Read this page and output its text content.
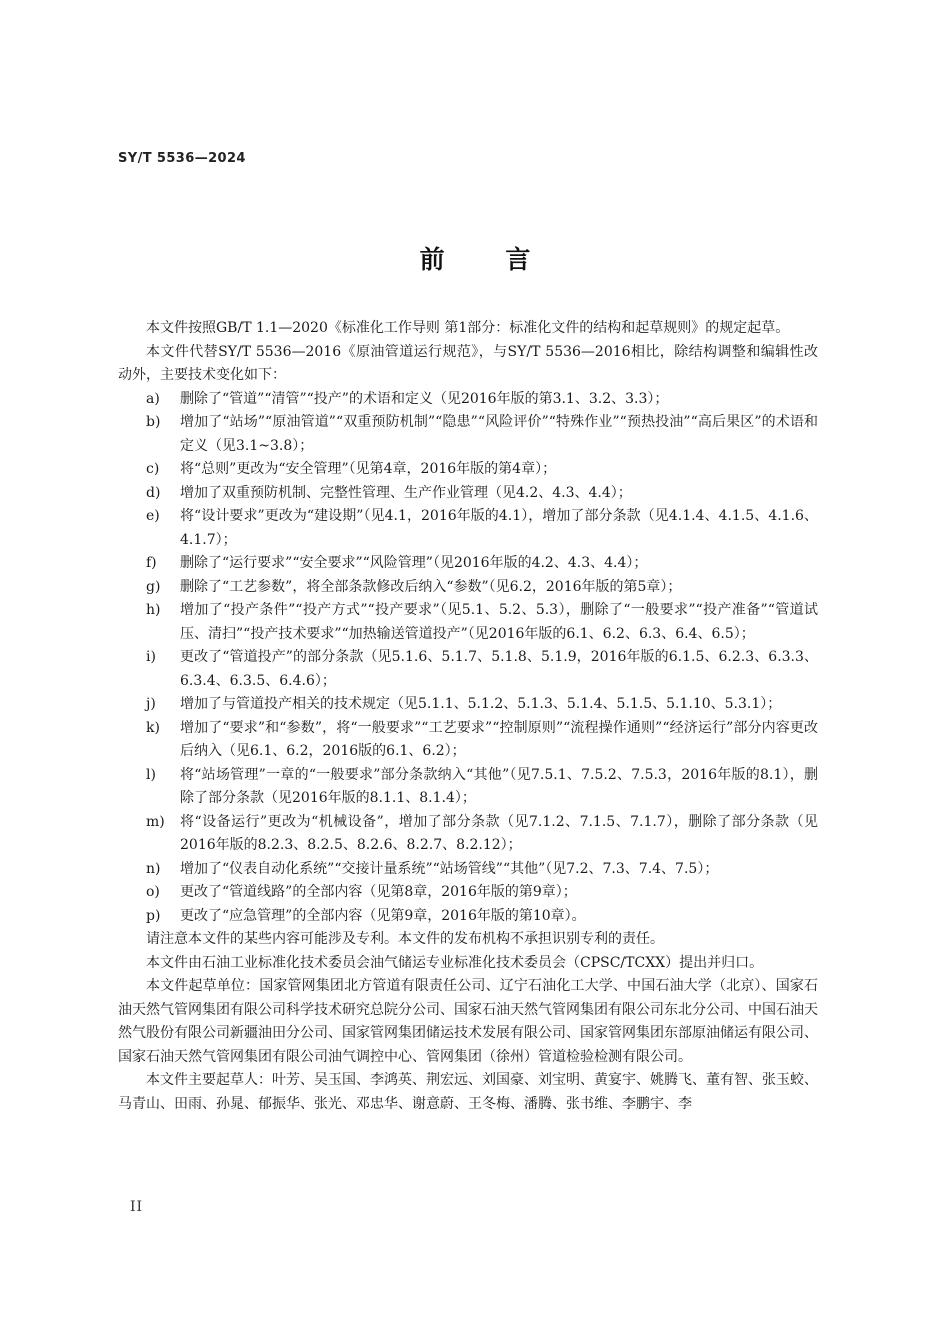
SY/T 5536—2024
前 言

本文件按照GB/T 1.1—2020《标准化工作导则 第1部分：标准化文件的结构和起草规则》的规定起草。

本文件代替SY/T 5536—2016《原油管道运行规范》，与SY/T 5536—2016相比，除结构调整和编辑性改动外，主要技术变化如下：

a)	删除了“管道”“清管”“投产”的术语和定义（见2016年版的第3.1、3.2、3.3）；
b)	增加了“站场”“原油管道”“双重预防机制”“隐患”“风险评价”“特殊作业”“预热投油”“高后果区”的术语和定义（见3.1~3.8）；
c)	将“总则”更改为“安全管理”（见第4章，2016年版的第4章）；
d)	增加了双重预防机制、完整性管理、生产作业管理（见4.2、4.3、4.4）；
e)	将“设计要求”更改为“建设期”（见4.1，2016年版的4.1），增加了部分条款（见4.1.4、4.1.5、4.1.6、4.1.7）；
f)	删除了“运行要求”“安全要求”“风险管理”（见2016年版的4.2、4.3、4.4）；
g)	删除了“工艺参数”，将全部条款修改后纳入“参数”（见6.2，2016年版的第5章）；
h)	增加了“投产条件”“投产方式”“投产要求”（见5.1、5.2、5.3），删除了“一般要求”“投产准备”“管道试压、清扫”“投产技术要求”“加热输送管道投产”（见2016年版的6.1、6.2、6.3、6.4、6.5）；
i)	更改了“管道投产”的部分条款（见5.1.6、5.1.7、5.1.8、5.1.9，2016年版的6.1.5、6.2.3、6.3.3、6.3.4、6.3.5、6.4.6）；
j)	增加了与管道投产相关的技术规定（见5.1.1、5.1.2、5.1.3、5.1.4、5.1.5、5.1.10、5.3.1）；
k)	增加了“要求”和“参数”，将“一般要求”“工艺要求”“控制原则”“流程操作通则”“经济运行”部分内容更改后纳入（见6.1、6.2，2016版的6.1、6.2）；
l)	将“站场管理”一章的“一般要求”部分条款纳入“其他”（见7.5.1、7.5.2、7.5.3，2016年版的8.1），删除了部分条款（见2016年版的8.1.1、8.1.4）；
m)	将“设备运行”更改为“机械设备”，增加了部分条款（见7.1.2、7.1.5、7.1.7），删除了部分条款（见2016年版的8.2.3、8.2.5、8.2.6、8.2.7、8.2.12）；
n)	增加了“仪表自动化系统”“交接计量系统”“站场管线”“其他”（见7.2、7.3、7.4、7.5）；
o)	更改了“管道线路”的全部内容（见第8章，2016年版的第9章）；
p)	更改了“应急管理”的全部内容（见第9章，2016年版的第10章）。

请注意本文件的某些内容可能涉及专利。本文件的发布机构不承担识别专利的责任。

本文件由石油工业标准化技术委员会油气储运专业标准化技术委员会（CPSC/TCXX）提出并归口。

本文件起草单位：国家管网集团北方管道有限责任公司、辽宁石油化工大学、中国石油大学（北京）、国家石油天然气管网集团有限公司科学技术研究总院分公司、国家石油天然气管网集团有限公司东北分公司、中国石油天然气股份有限公司新疆油田分公司、国家管网集团储运技术发展有限公司、国家管网集团东部原油储运有限公司、国家石油天然气管网集团有限公司油气调控中心、管网集团（徐州）管道检验检测有限公司。

本文件主要起草人：叶芳、吴玉国、李鸿英、荆宏远、刘国豪、刘宝明、黄宴宇、姚腾飞、董有智、张玉蛟、马青山、田雨、孙晁、郁振华、张光、邓忠华、谢意蔚、王冬梅、潘腾、张书维、李鹏宇、李

II
